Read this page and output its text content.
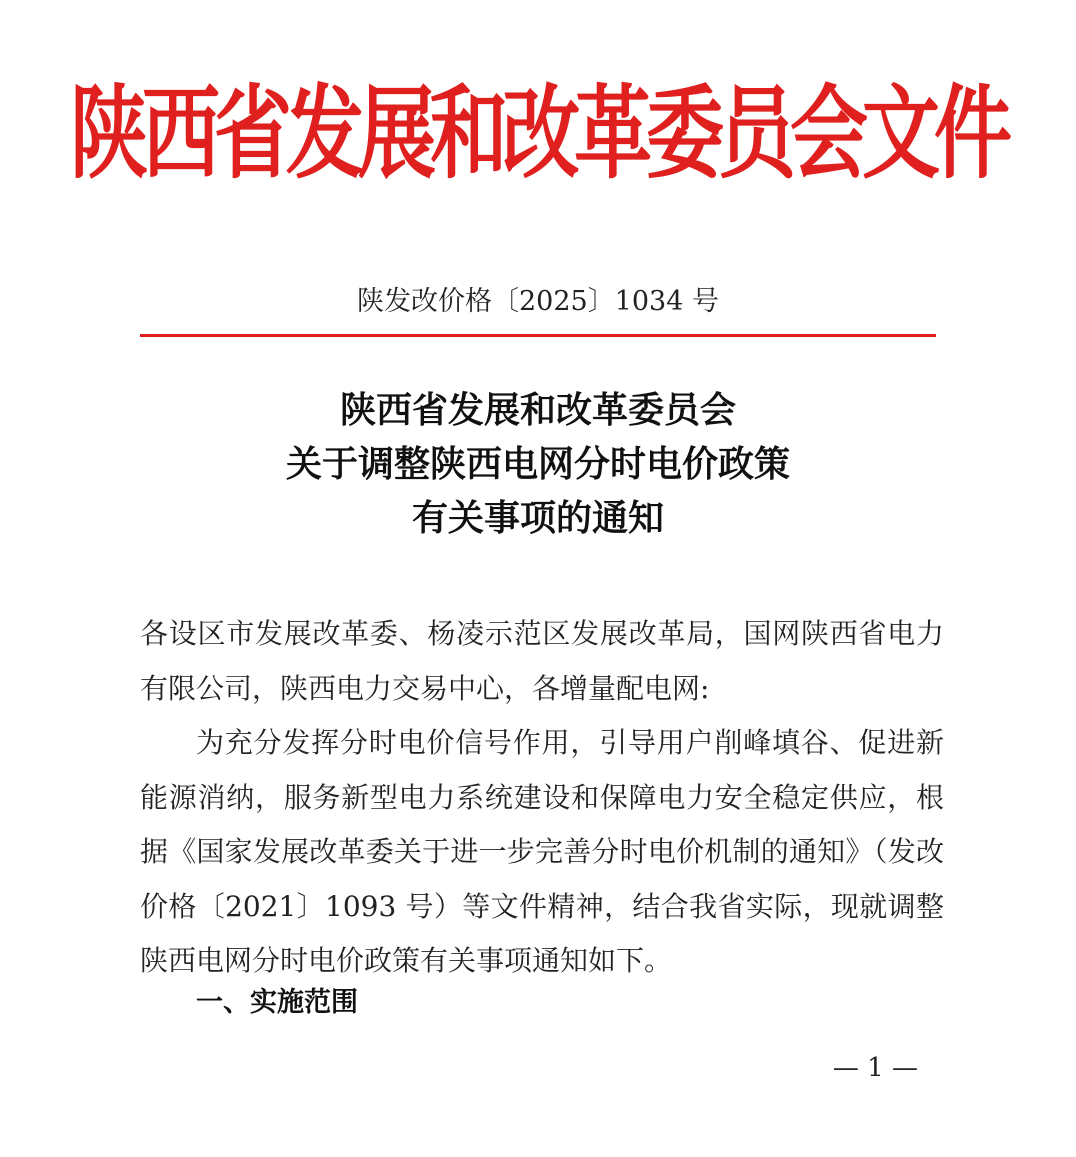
陕西省发展和改革委员会文件
陕发改价格〔2025〕1034 号
陕西省发展和改革委员会
关于调整陕西电网分时电价政策
有关事项的通知

各设区市发展改革委、杨凌示范区发展改革局，国网陕西省电力有限公司，陕西电力交易中心，各增量配电网:

为充分发挥分时电价信号作用，引导用户削峰填谷、促进新能源消纳，服务新型电力系统建设和保障电力安全稳定供应，根据《国家发展改革委关于进一步完善分时电价机制的通知》（发改价格〔2021〕1093 号）等文件精神，结合我省实际，现就调整陕西电网分时电价政策有关事项通知如下。

一、实施范围
— 1 —
